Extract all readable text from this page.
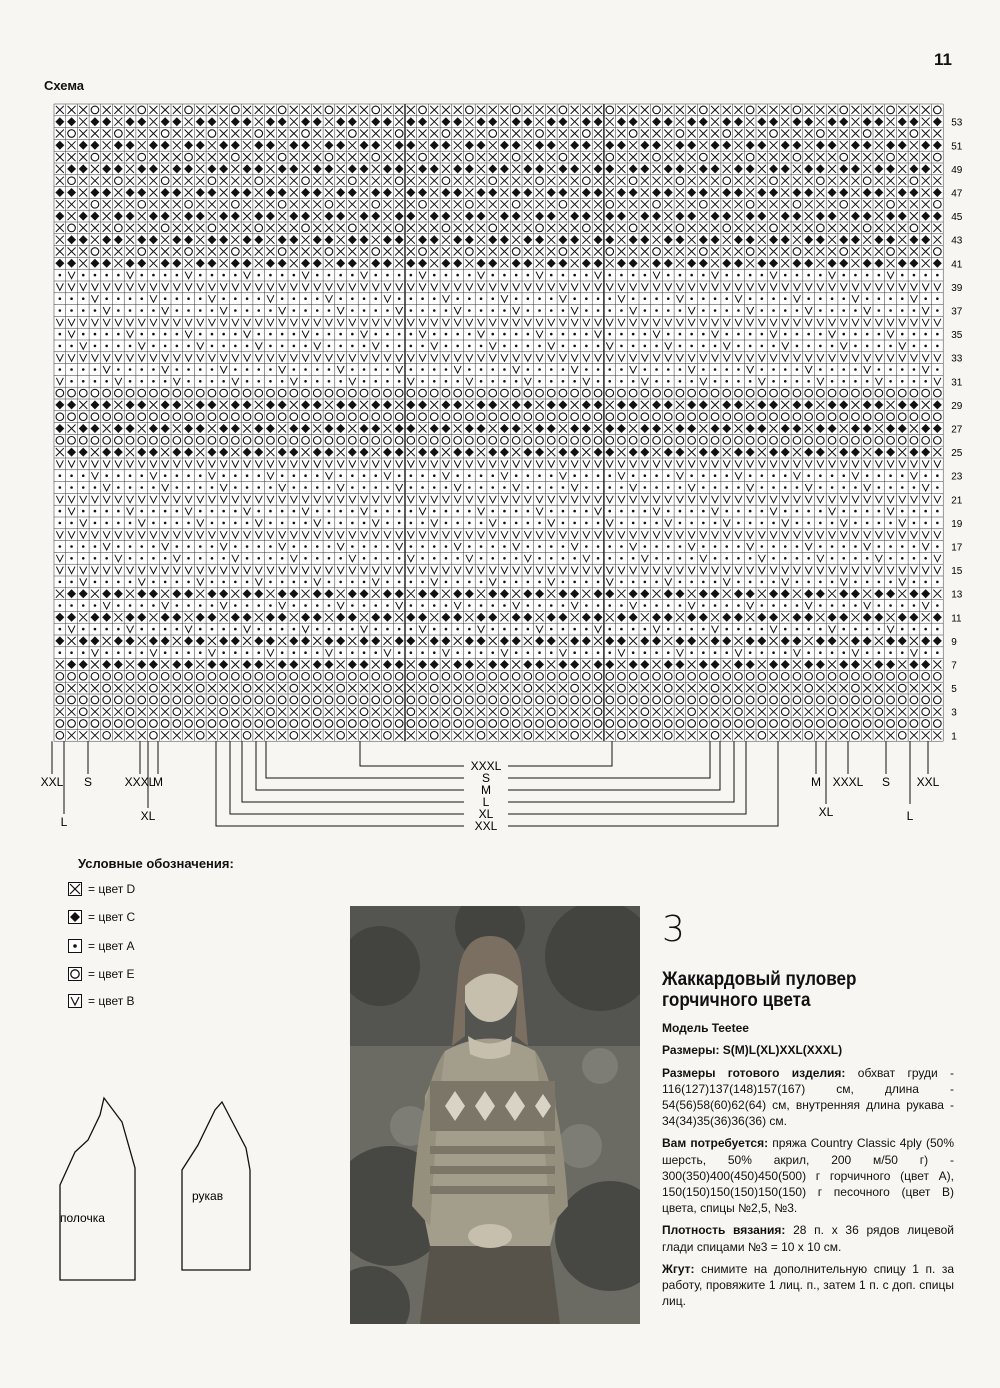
11
Схема
53
51
49
47
45
43
41
39
37
35
33
31
29
27
25
23
21
19
17
15
13
11
9
7
5
3
1
XXL S	XXXL
M
L	XL
M XXXL S XXL
XL	L
XXXL
S
M
L
XL
XXL
Условные обозначения:
= цвет D
= цвет С
= цвет А
= цвет Е
= цвет В
полочка
рукав
3
Жаккардовый пуловер горчичного цвета
Модель Teetee
Размеры: S(M)L(XL)XXL(XXXL)
Размеры готового изделия: обхват груди - 116(127)137(148)157(167) см, длина - 54(56)58(60)62(64) см, внутренняя длина рукава - 34(34)35(36)36(36) см.
Вам потребуется: пряжа Country Classic 4ply (50% шерсть, 50% акрил, 200 м/50 г) - 300(350)400(450)450(500) г горчичного (цвет А), 150(150)150(150)150(150) г песочного (цвет В) цвета, спицы №2,5, №3.
Плотность вязания: 28 п. х 36 рядов лицевой глади спицами №3 = 10 х 10 см.
Жгут: снимите на дополнительную спицу 1 п. за работу, провяжите 1 лиц. п., затем 1 п. с доп. спицы лиц.
